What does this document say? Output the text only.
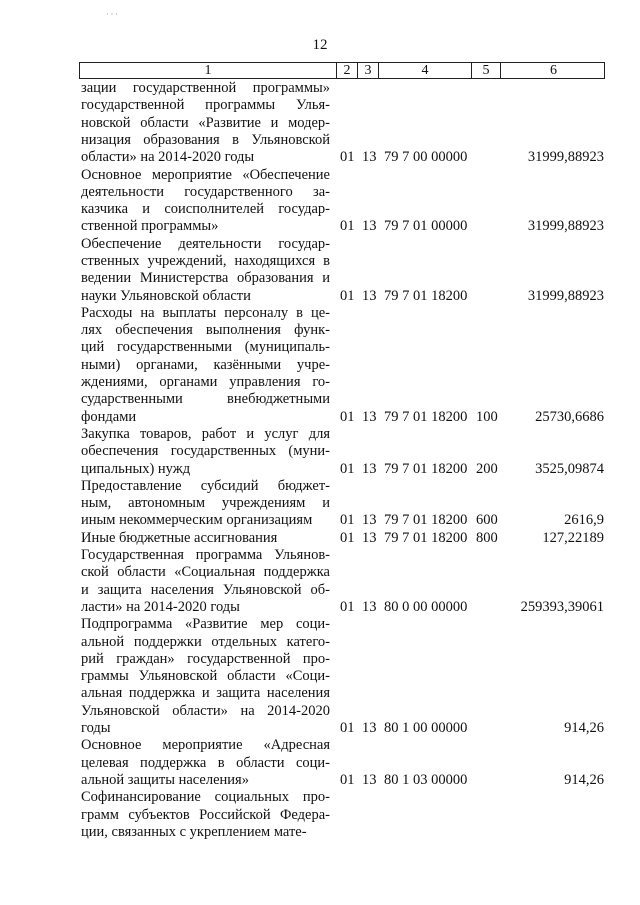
· · ·
12
1	2	3	4	5	6
зации государственной программы»
государственной программы Улья-
новской области «Развитие и модер-
низация образования в Ульяновской
области» на 2014-2020 годы	01 13 79 7 00 00000	31999,88923
Основное мероприятие «Обеспечение
деятельности государственного за-
казчика и соисполнителей государ-
ственной программы»	01 13 79 7 01 00000	31999,88923
Обеспечение деятельности государ-
ственных учреждений, находящихся в
ведении Министерства образования и
науки Ульяновской области	01 13 79 7 01 18200	31999,88923
Расходы на выплаты персоналу в це-
лях обеспечения выполнения функ-
ций государственными (муниципаль-
ными) органами, казёнными учре-
ждениями, органами управления го-
сударственными внебюджетными
фондами	01 13 79 7 01 18200 100	25730,6686
Закупка товаров, работ и услуг для
обеспечения государственных (муни-
ципальных) нужд	01 13 79 7 01 18200 200	3525,09874
Предоставление субсидий бюджет-
ным, автономным учреждениям и
иным некоммерческим организациям	01 13 79 7 01 18200 600	2616,9
Иные бюджетные ассигнования	01 13 79 7 01 18200 800	127,22189
Государственная программа Ульянов-
ской области «Социальная поддержка
и защита населения Ульяновской об-
ласти» на 2014-2020 годы	01 13 80 0 00 00000	259393,39061
Подпрограмма «Развитие мер соци-
альной поддержки отдельных катего-
рий граждан» государственной про-
граммы Ульяновской области «Соци-
альная поддержка и защита населения
Ульяновской области» на 2014-2020
годы	01 13 80 1 00 00000	914,26
Основное мероприятие «Адресная
целевая поддержка в области соци-
альной защиты населения»	01 13 80 1 03 00000	914,26
Софинансирование социальных про-
грамм субъектов Российской Федера-
ции, связанных с укреплением мате-
